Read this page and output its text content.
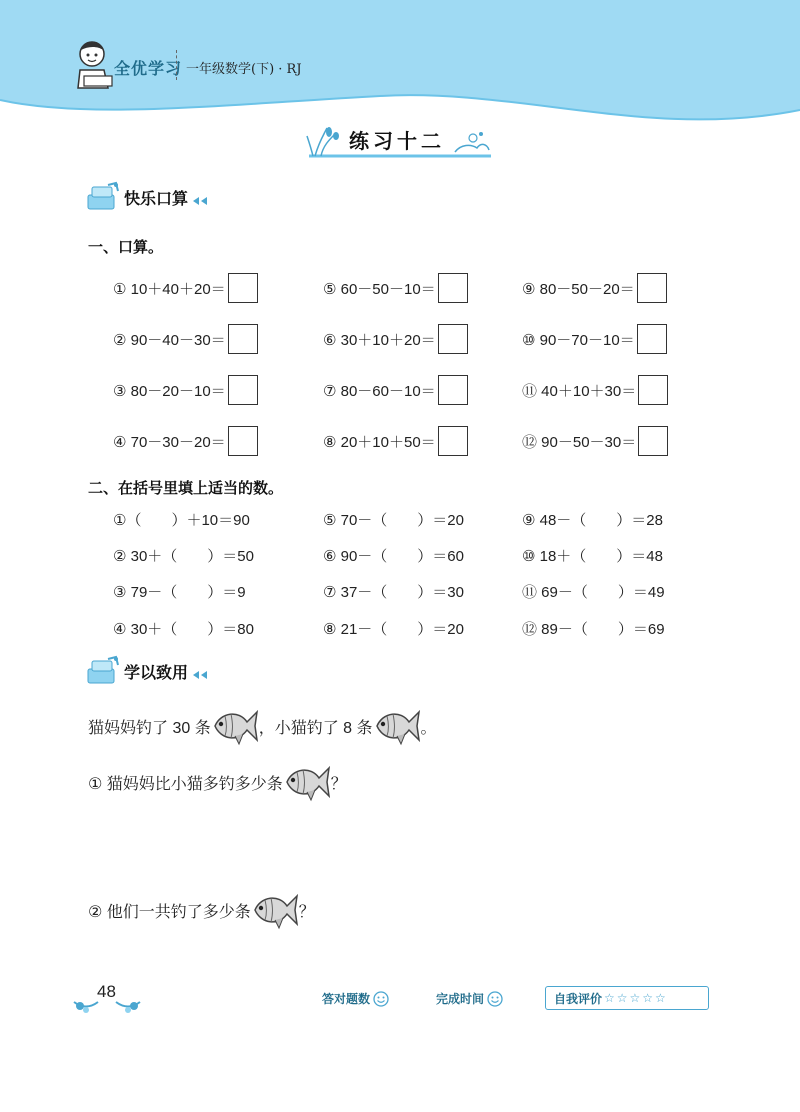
全优学习 一年级数学(下) · RJ
练习十二
快乐口算
一、口算。
① 10＋40＋20＝
② 90－40－30＝
③ 80－20－10＝
④ 70－30－20＝
⑤ 60－50－10＝
⑥ 30＋10＋20＝
⑦ 80－60－10＝
⑧ 20＋10＋50＝
⑨ 80－50－20＝
⑩ 90－70－10＝
⑪ 40＋10＋30＝
⑫ 90－50－30＝
二、在括号里填上适当的数。
①（　　）＋10＝90
② 30＋（　　）＝50
③ 79－（　　）＝9
④ 30＋（　　）＝80
⑤ 70－（　　）＝20
⑥ 90－（　　）＝60
⑦ 37－（　　）＝30
⑧ 21－（　　）＝20
⑨ 48－（　　）＝28
⑩ 18＋（　　）＝48
⑪ 69－（　　）＝49
⑫ 89－（　　）＝69
学以致用
猫妈妈钓了 30 条	，小猫钓了 8 条	。
① 猫妈妈比小猫多钓多少条	？
② 他们一共钓了多少条	？
48	答对题数	完成时间	自我评价 ☆☆☆☆☆
